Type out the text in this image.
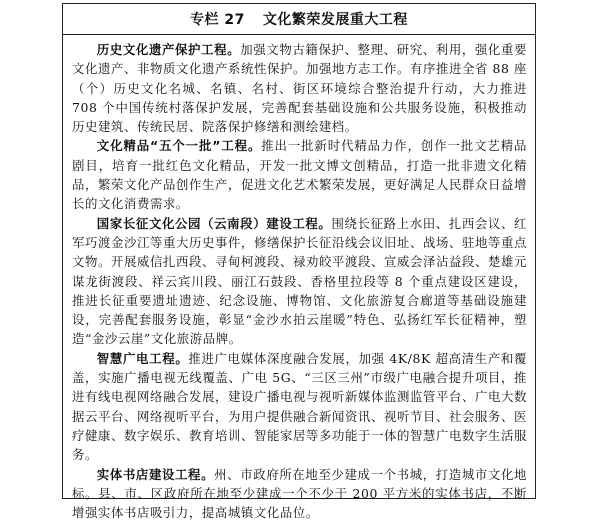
专栏 27 文化繁荣发展重大工程

历史文化遗产保护工程。加强文物古籍保护、整理、研究、利用，强化重要文化遗产、非物质文化遗产系统性保护。加强地方志工作。有序推进全省 88 座（个）历史文化名城、名镇、名村、街区环境综合整治提升行动，大力推进 708 个中国传统村落保护发展，完善配套基础设施和公共服务设施，积极推动历史建筑、传统民居、院落保护修缮和测绘建档。

文化精品“五个一批”工程。推出一批新时代精品力作，创作一批文艺精品剧目，培育一批红色文化精品，开发一批文博文创精品，打造一批非遗文化精品，繁荣文化产品创作生产，促进文化艺术繁荣发展，更好满足人民群众日益增长的文化消费需求。

国家长征文化公园（云南段）建设工程。围绕长征路上水田、扎西会议、红军巧渡金沙江等重大历史事件，修缮保护长征沿线会议旧址、战场、驻地等重点文物。开展威信扎西段、寻甸柯渡段、禄劝皎平渡段、宣威会泽沾益段、楚雄元谋龙街渡段、祥云宾川段、丽江石鼓段、香格里拉段等 8 个重点建设区建设，推进长征重要遗址遗迹、纪念设施、博物馆、文化旅游复合廊道等基础设施建设，完善配套服务设施，彰显“金沙水拍云崖暖”特色、弘扬红军长征精神，塑造“金沙云崖”文化旅游品牌。

智慧广电工程。推进广电媒体深度融合发展，加强 4K/8K 超高清生产和覆盖，实施广播电视无线覆盖、广电 5G、“三区三州”市级广电融合提升项目，推进有线电视网络融合发展，建设广播电视与视听新媒体监测监管平台、广电大数据云平台、网络视听平台，为用户提供融合新闻资讯、视听节目、社会服务、医疗健康、数字娱乐、教育培训、智能家居等多功能于一体的智慧广电数字生活服务。

实体书店建设工程。州、市政府所在地至少建成一个书城，打造城市文化地标。县、市、区政府所在地至少建成一个不少于 200 平方米的实体书店，不断增强实体书店吸引力，提高城镇文化品位。
